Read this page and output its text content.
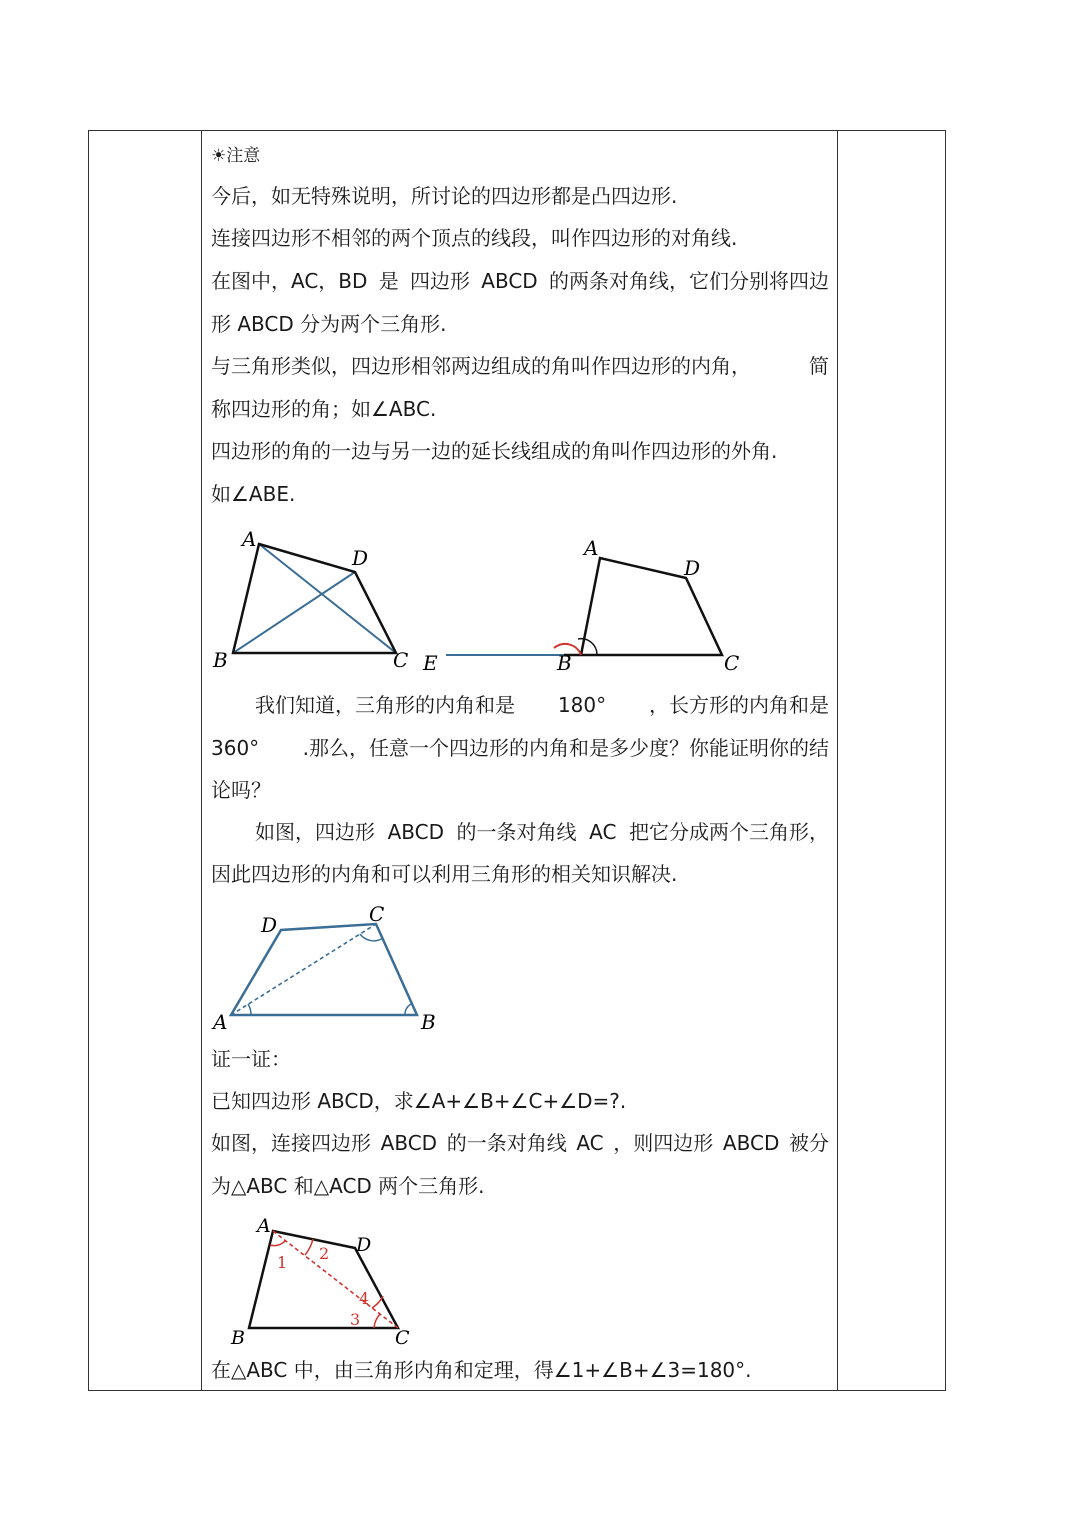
☀注意
今后，如无特殊说明，所讨论的四边形都是凸四边形.
连接四边形不相邻的两个顶点的线段，叫作四边形的对角线.
在图中，AC，BD 是 四边形 ABCD 的两条对角线，它们分别将四边
形 ABCD 分为两个三角形.
与三角形类似，四边形相邻两边组成的角叫作四边形的内角，	简
称四边形的角；如∠ABC.
四边形的角的一边与另一边的延长线组成的角叫作四边形的外角.
如∠ABE.
A
D
B	C
A
D
E	B	C
我们知道，三角形的内角和是 180° ，长方形的内角和是
360° .那么，任意一个四边形的内角和是多少度？你能证明你的结
论吗？
如图，四边形 ABCD 的一条对角线 AC 把它分成两个三角形，
因此四边形的内角和可以利用三角形的相关知识解决.
D	C
A	B
证一证：
已知四边形 ABCD，求∠A+∠B+∠C+∠D=?.
如图，连接四边形 ABCD 的一条对角线 AC ，则四边形 ABCD 被分
为△ABC 和△ACD 两个三角形.
A
D
B	C
1 2
3
4
在△ABC 中，由三角形内角和定理，得∠1+∠B+∠3=180°.
